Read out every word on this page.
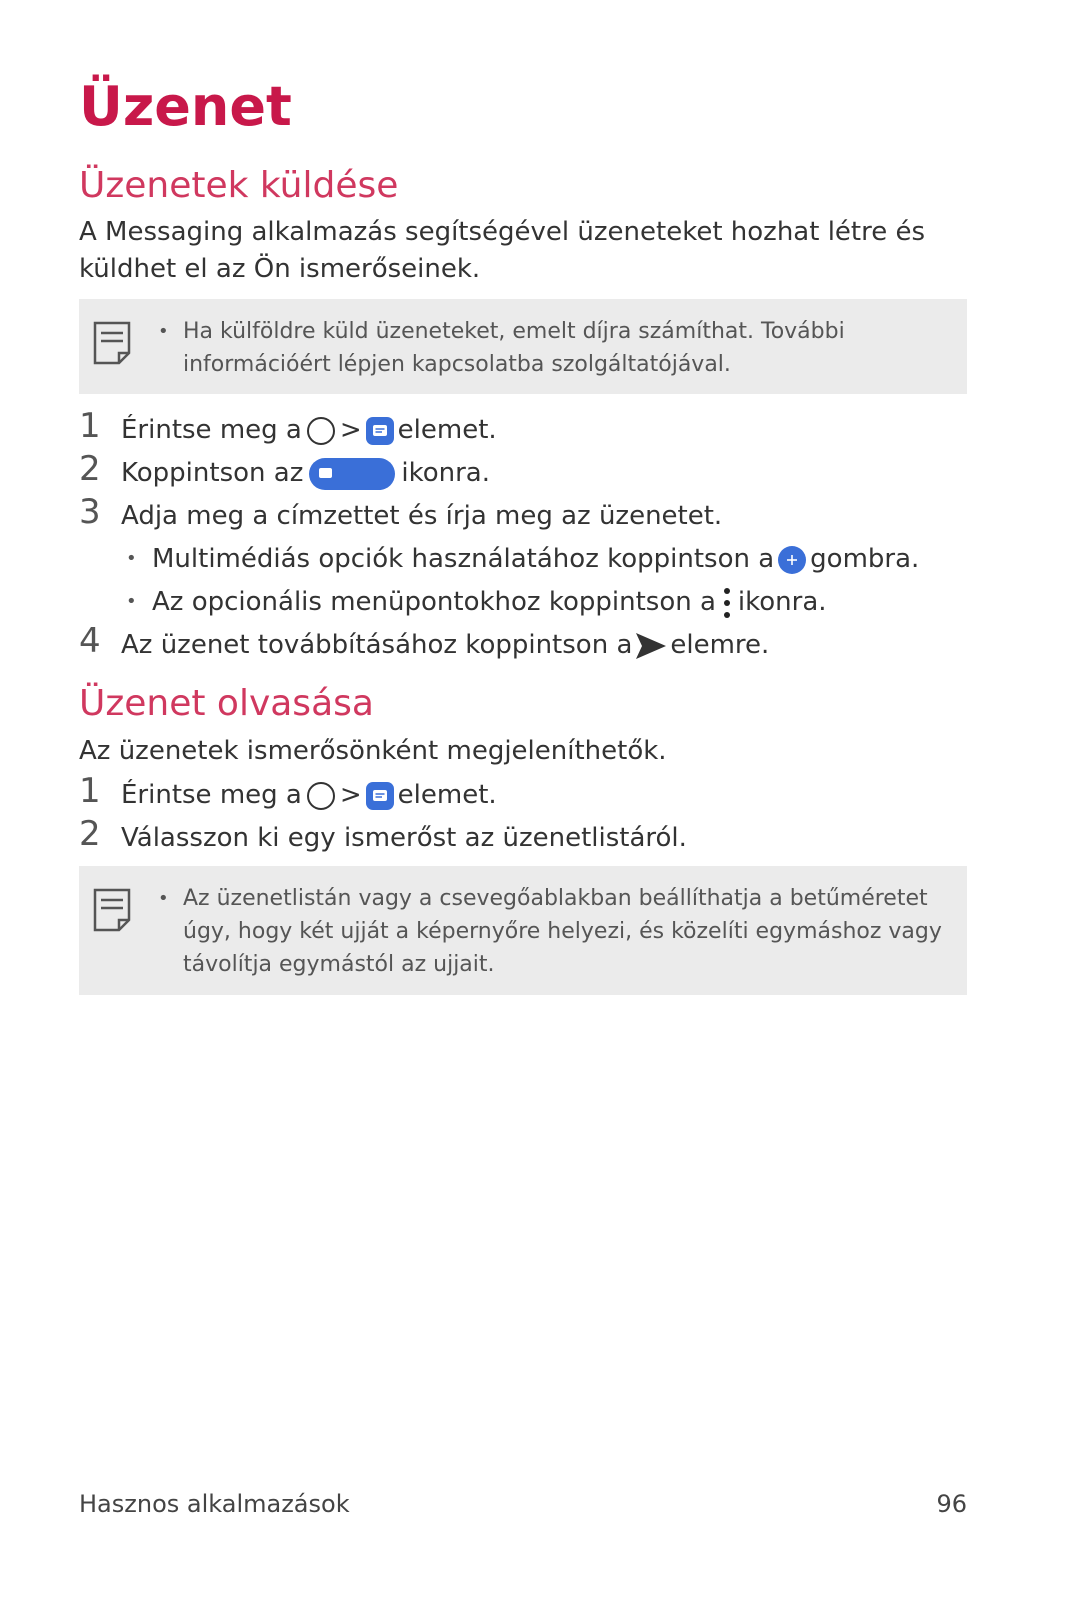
Üzenet
Üzenetek küldése

A Messaging alkalmazás segítségével üzeneteket hozhat létre és küldhet el az Ön ismerőseinek.

• Ha külföldre küld üzeneteket, emelt díjra számíthat. További információért lépjen kapcsolatba szolgáltatójával.

1 Érintse meg a > elemet.
2 Koppintson az	ikonra.
3 Adja meg a címzettet és írja meg az üzenetet.
• Multimédiás opciók használatához koppintson a gombra.
• Az opcionális menüpontokhoz koppintson a ikonra.
4 Az üzenet továbbításához koppintson a elemre.
Üzenet olvasása

Az üzenetek ismerősönként megjeleníthetők.

1 Érintse meg a > elemet.
2 Válasszon ki egy ismerőst az üzenetlistáról.
• Az üzenetlistán vagy a csevegőablakban beállíthatja a betűméretet úgy, hogy két ujját a képernyőre helyezi, és közelíti egymáshoz vagy távolítja egymástól az ujjait.

Hasznos alkalmazások	96
